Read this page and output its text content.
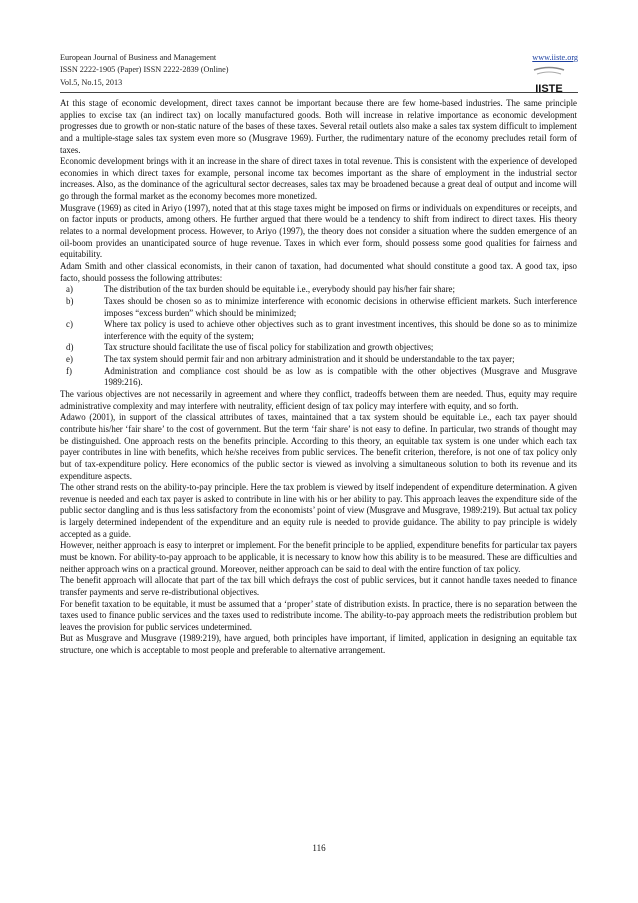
European Journal of Business and Management	www.iiste.org
ISSN 2222-1905 (Paper) ISSN 2222-2839 (Online)
Vol.5, No.15, 2013
IISTE

At this stage of economic development, direct taxes cannot be important because there are few home-based industries. The same principle applies to excise tax (an indirect tax) on locally manufactured goods. Both will increase in relative importance as economic development progresses due to growth or non-static nature of the bases of these taxes. Several retail outlets also make a sales tax system difficult to implement and a multiple-stage sales tax system even more so (Musgrave 1969). Further, the rudimentary nature of the economy precludes retail form of taxes.

Economic development brings with it an increase in the share of direct taxes in total revenue. This is consistent with the experience of developed economies in which direct taxes for example, personal income tax becomes important as the share of employment in the industrial sector increases. Also, as the dominance of the agricultural sector decreases, sales tax may be broadened because a great deal of output and income will go through the formal market as the economy becomes more monetized.

Musgrave (1969) as cited in Ariyo (1997), noted that at this stage taxes might be imposed on firms or individuals on expenditures or receipts, and on factor inputs or products, among others. He further argued that there would be a tendency to shift from indirect to direct taxes. His theory relates to a normal development process. However, to Ariyo (1997), the theory does not consider a situation where the sudden emergence of an oil-boom provides an unanticipated source of huge revenue. Taxes in which ever form, should possess some good qualities for fairness and equitability.

Adam Smith and other classical economists, in their canon of taxation, had documented what should constitute a good tax. A good tax, ipso facto, should possess the following attributes:

a)	The distribution of the tax burden should be equitable i.e., everybody should pay his/her fair share;
b)	Taxes should be chosen so as to minimize interference with economic decisions in otherwise efficient markets. Such interference imposes “excess burden” which should be minimized;
c)	Where tax policy is used to achieve other objectives such as to grant investment incentives, this should be done so as to minimize interference with the equity of the system;
d)	Tax structure should facilitate the use of fiscal policy for stabilization and growth objectives;
e)	The tax system should permit fair and non arbitrary administration and it should be understandable to the tax payer;
f)	Administration and compliance cost should be as low as is compatible with the other objectives (Musgrave and Musgrave 1989:216).

The various objectives are not necessarily in agreement and where they conflict, tradeoffs between them are needed. Thus, equity may require administrative complexity and may interfere with neutrality, efficient design of tax policy may interfere with equity, and so forth.

Adawo (2001), in support of the classical attributes of taxes, maintained that a tax system should be equitable i.e., each tax payer should contribute his/her ‘fair share’ to the cost of government. But the term ‘fair share’ is not easy to define. In particular, two strands of thought may be distinguished. One approach rests on the benefits principle. According to this theory, an equitable tax system is one under which each tax payer contributes in line with benefits, which he/she receives from public services. The benefit criterion, therefore, is not one of tax policy only but of tax-expenditure policy. Here economics of the public sector is viewed as involving a simultaneous solution to both its revenue and its expenditure aspects.

The other strand rests on the ability-to-pay principle. Here the tax problem is viewed by itself independent of expenditure determination. A given revenue is needed and each tax payer is asked to contribute in line with his or her ability to pay. This approach leaves the expenditure side of the public sector dangling and is thus less satisfactory from the economists’ point of view (Musgrave and Musgrave, 1989:219). But actual tax policy is largely determined independent of the expenditure and an equity rule is needed to provide guidance. The ability to pay principle is widely accepted as a guide.

However, neither approach is easy to interpret or implement. For the benefit principle to be applied, expenditure benefits for particular tax payers must be known. For ability-to-pay approach to be applicable, it is necessary to know how this ability is to be measured. These are difficulties and neither approach wins on a practical ground. Moreover, neither approach can be said to deal with the entire function of tax policy.

The benefit approach will allocate that part of the tax bill which defrays the cost of public services, but it cannot handle taxes needed to finance transfer payments and serve re-distributional objectives.

For benefit taxation to be equitable, it must be assumed that a ‘proper’ state of distribution exists. In practice, there is no separation between the taxes used to finance public services and the taxes used to redistribute income. The ability-to-pay approach meets the redistribution problem but leaves the provision for public services undetermined.

But as Musgrave and Musgrave (1989:219), have argued, both principles have important, if limited, application in designing an equitable tax structure, one which is acceptable to most people and preferable to alternative arrangement.

116
